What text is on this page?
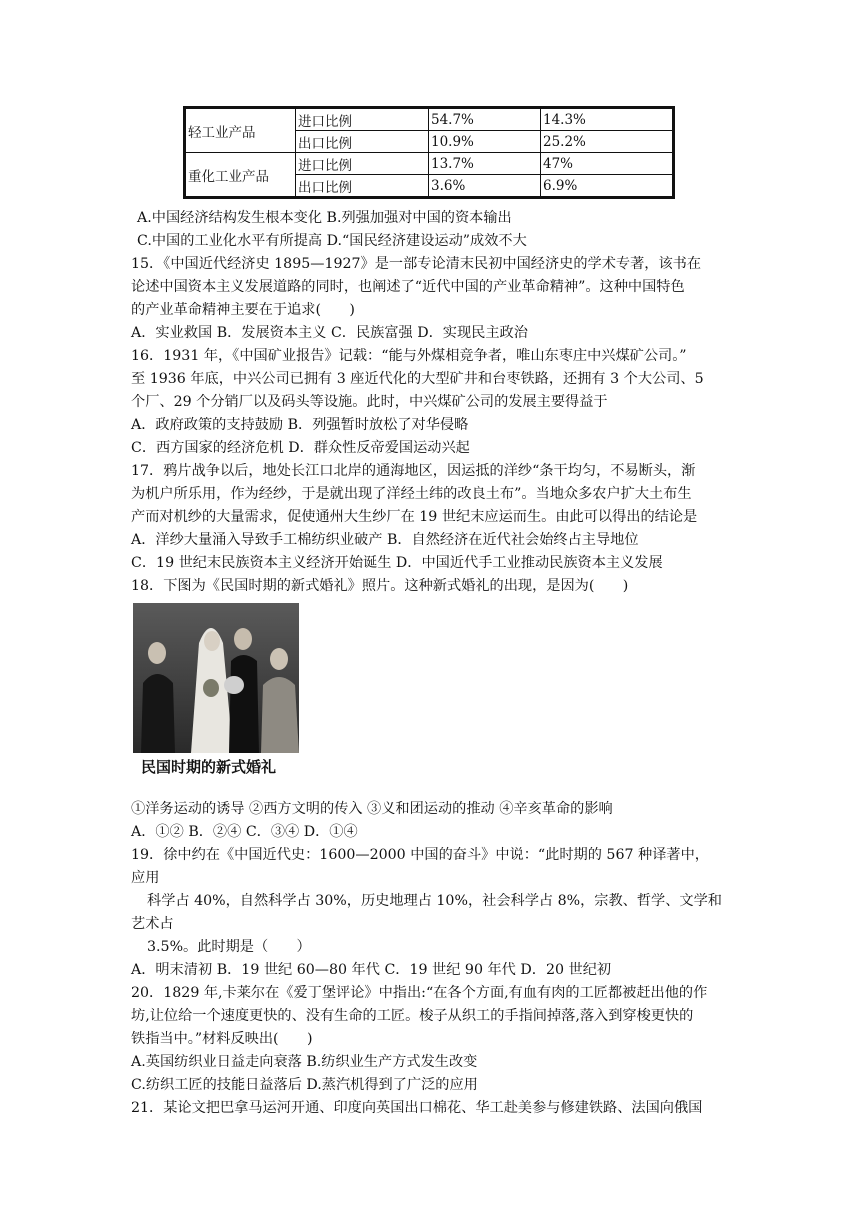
轻工业产品	进口比例	54.7%	14.3%
	出口比例	10.9%	25.2%
重化工业产品	进口比例	13.7%	47%
	出口比例	3.6%	6.9%
A.中国经济结构发生根本变化 B.列强加强对中国的资本输出
C.中国的工业化水平有所提高 D.“国民经济建设运动”成效不大
15．《中国近代经济史 1895—1927》是一部专论清末民初中国经济史的学术专著，该书在
论述中国资本主义发展道路的同时，也阐述了“近代中国的产业革命精神”。这种中国特色
的产业革命精神主要在于追求(　　)
A．实业救国 B．发展资本主义 C．民族富强 D．实现民主政治
16．1931 年，《中国矿业报告》记载：“能与外煤相竞争者，唯山东枣庄中兴煤矿公司。”
至 1936 年底，中兴公司已拥有 3 座近代化的大型矿井和台枣铁路，还拥有 3 个大公司、5
个厂、29 个分销厂以及码头等设施。此时，中兴煤矿公司的发展主要得益于
A．政府政策的支持鼓励 B．列强暂时放松了对华侵略
C．西方国家的经济危机 D．群众性反帝爱国运动兴起
17．鸦片战争以后，地处长江口北岸的通海地区，因运抵的洋纱“条干均匀，不易断头，渐
为机户所乐用，作为经纱，于是就出现了洋经土纬的改良土布”。当地众多农户扩大土布生
产而对机纱的大量需求，促使通州大生纱厂在 19 世纪末应运而生。由此可以得出的结论是
A．洋纱大量涌入导致手工棉纺织业破产 B．自然经济在近代社会始终占主导地位
C．19 世纪末民族资本主义经济开始诞生 D．中国近代手工业推动民族资本主义发展
18．下图为《民国时期的新式婚礼》照片。这种新式婚礼的出现，是因为(　　)
①洋务运动的诱导 ②西方文明的传入 ③义和团运动的推动 ④辛亥革命的影响
A．①② B．②④ C．③④ D．①④
19．徐中约在《中国近代史：1600—2000 中国的奋斗》中说：“此时期的 567 种译著中，
应用
科学占 40%，自然科学占 30%，历史地理占 10%，社会科学占 8%，宗教、哲学、文学和
艺术占
3.5%。此时期是（　　）
A．明末清初 B．19 世纪 60—80 年代 C．19 世纪 90 年代 D．20 世纪初
20．1829 年,卡莱尔在《爱丁堡评论》中指出:“在各个方面,有血有肉的工匠都被赶出他的作
坊,让位给一个速度更快的、没有生命的工匠。梭子从织工的手指间掉落,落入到穿梭更快的
铁指当中。”材料反映出(　　)
A.英国纺织业日益走向衰落 B.纺织业生产方式发生改变
C.纺织工匠的技能日益落后 D.蒸汽机得到了广泛的应用
21．某论文把巴拿马运河开通、印度向英国出口棉花、华工赴美参与修建铁路、法国向俄国
民国时期的新式婚礼
